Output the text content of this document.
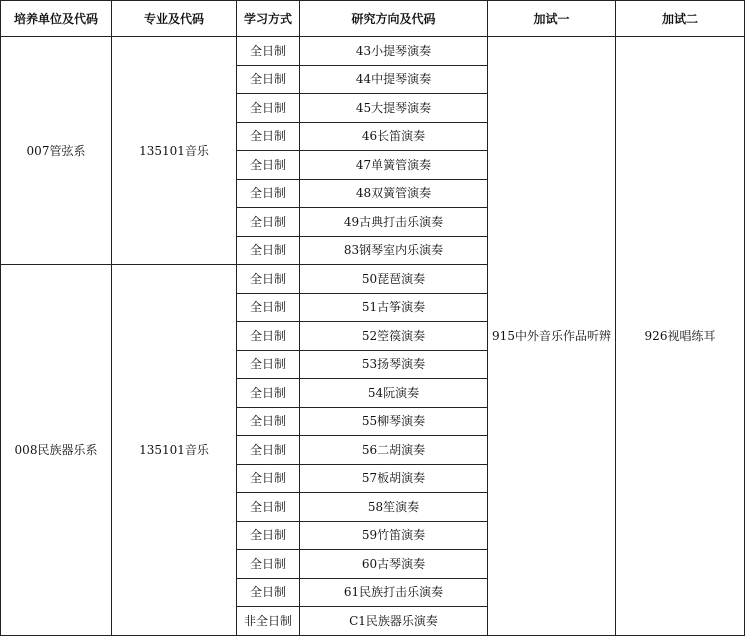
培养单位及代码	专业及代码	学习方式	研究方向及代码	加试一	加试二
007管弦系	135101音乐	全日制	43小提琴演奏	915中外音乐作品听辨	926视唱练耳
		全日制	44中提琴演奏		
		全日制	45大提琴演奏		
		全日制	46长笛演奏		
		全日制	47单簧管演奏		
		全日制	48双簧管演奏		
		全日制	49古典打击乐演奏		
		全日制	83钢琴室内乐演奏		
008民族器乐系	135101音乐	全日制	50琵琶演奏		
		全日制	51古筝演奏		
		全日制	52箜篌演奏		
		全日制	53扬琴演奏		
		全日制	54阮演奏		
		全日制	55柳琴演奏		
		全日制	56二胡演奏		
		全日制	57板胡演奏		
		全日制	58笙演奏		
		全日制	59竹笛演奏		
		全日制	60古琴演奏		
		全日制	61民族打击乐演奏		
		非全日制	C1民族器乐演奏		
